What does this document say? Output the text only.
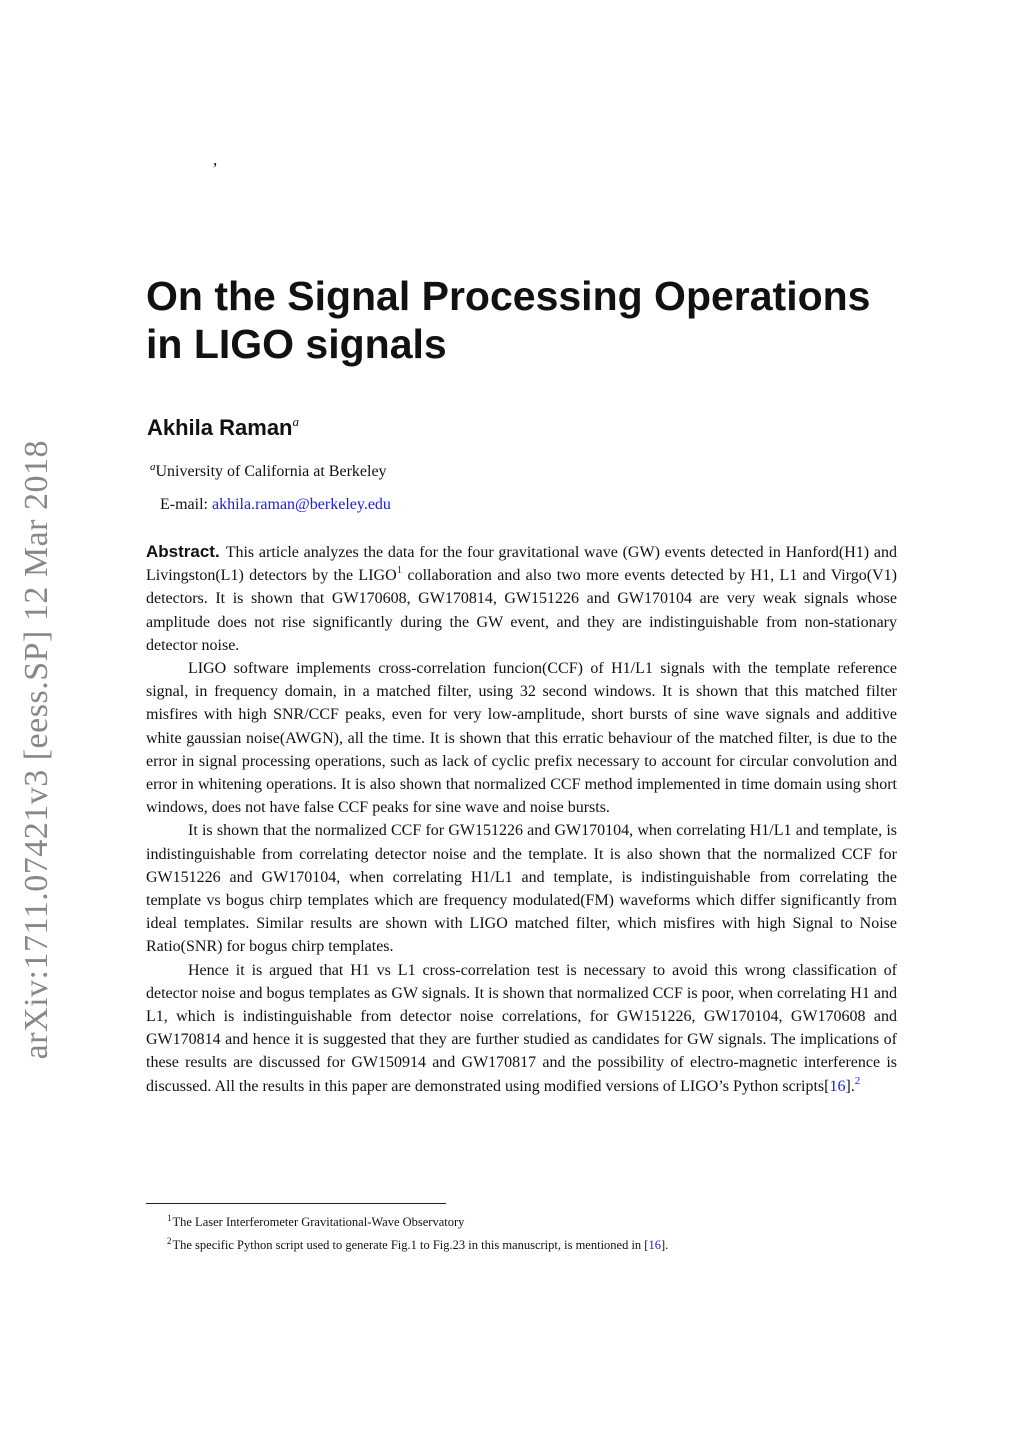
arXiv:1711.07421v3 [eess.SP] 12 Mar 2018
,
On the Signal Processing Operations
in LIGO signals
Akhila Raman$^a$
$^a$University of California at Berkeley
E-mail: akhila.raman@berkeley.edu

Abstract. This article analyzes the data for the four gravitational wave (GW) events detected in Hanford(H1) and Livingston(L1) detectors by the LIGO$^1$ collaboration and also two more events detected by H1, L1 and Virgo(V1) detectors. It is shown that GW170608, GW170814, GW151226 and GW170104 are very weak signals whose amplitude does not rise significantly during the GW event, and they are indistinguishable from non-stationary detector noise.

LIGO software implements cross-correlation funcion(CCF) of H1/L1 signals with the template reference signal, in frequency domain, in a matched filter, using 32 second windows. It is shown that this matched filter misfires with high SNR/CCF peaks, even for very low-amplitude, short bursts of sine wave signals and additive white gaussian noise(AWGN), all the time. It is shown that this erratic behaviour of the matched filter, is due to the error in signal processing operations, such as lack of cyclic prefix necessary to account for circular convolution and error in whitening operations. It is also shown that normalized CCF method implemented in time domain using short windows, does not have false CCF peaks for sine wave and noise bursts.

It is shown that the normalized CCF for GW151226 and GW170104, when correlating H1/L1 and template, is indistinguishable from correlating detector noise and the template. It is also shown that the normalized CCF for GW151226 and GW170104, when correlating H1/L1 and template, is indistinguishable from correlating the template vs bogus chirp templates which are frequency modulated(FM) waveforms which differ significantly from ideal templates. Similar results are shown with LIGO matched filter, which misfires with high Signal to Noise Ratio(SNR) for bogus chirp templates.

Hence it is argued that H1 vs L1 cross-correlation test is necessary to avoid this wrong classification of detector noise and bogus templates as GW signals. It is shown that normalized CCF is poor, when correlating H1 and L1, which is indistinguishable from detector noise correlations, for GW151226, GW170104, GW170608 and GW170814 and hence it is suggested that they are further studied as candidates for GW signals. The implications of these results are discussed for GW150914 and GW170817 and the possibility of electro-magnetic interference is discussed. All the results in this paper are demonstrated using modified versions of LIGO’s Python scripts[16].$^2$

$^1$The Laser Interferometer Gravitational-Wave Observatory
$^2$The specific Python script used to generate Fig.1 to Fig.23 in this manuscript, is mentioned in [16].
